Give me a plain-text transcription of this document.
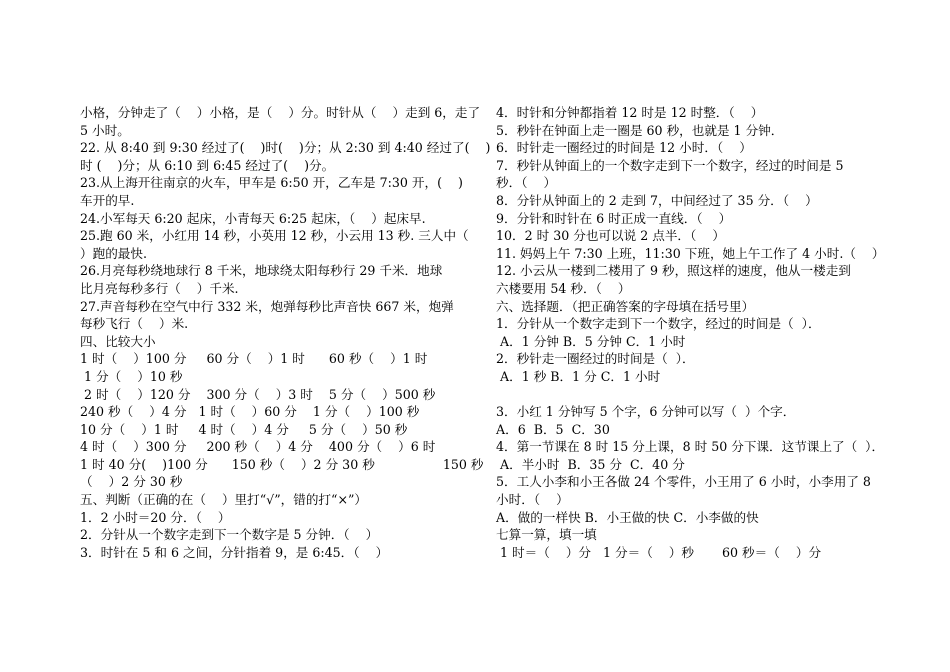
小格，分钟走了（    ）小格，是（    ）分。时针从（    ）走到 6，走了
5 小时。
22. 从 8:40 到 9:30 经过了(    )时(    )分；从 2:30 到 4:40 经过了(    )
时 (    )分；从 6:10 到 6:45 经过了(    )分。
23.从上海开往南京的火车，甲车是 6:50 开，乙车是 7:30 开，(    )
车开的早.
24.小军每天 6:20 起床，小青每天 6:25 起床，（    ）起床早.
25.跑 60 米，小红用 14 秒，小英用 12 秒，小云用 13 秒. 三人中（
）跑的最快.
26.月亮每秒绕地球行 8 千米，地球绕太阳每秒行 29 千米．地球
比月亮每秒多行（    ）千米.
27.声音每秒在空气中行 332 米，炮弹每秒比声音快 667 米，炮弹
每秒飞行（    ）米.
四、比较大小
1 时（    ）100 分     60 分（    ）1 时      60 秒（    ）1 时
1 分（    ）10 秒
2 时（    ）120 分    300 分（    ）3 时    5 分（    ）500 秒
240 秒（    ）4 分   1 时（    ）60 分    1 分（    ）100 秒
10 分（    ）1 时     4 时（    ）4 分     5 分（    ）50 秒
4 时（    ）300 分     200 秒（    ）4 分    400 分（    ）6 时
1 时 40 分(    )100 分      150 秒（    ）2 分 30 秒                 150 秒
（    ）2 分 30 秒
五、判断（正确的在（    ）里打“√”，错的打“×”）
1．2 小时＝20 分．（    ）
2．分针从一个数字走到下一个数字是 5 分钟．（    ）
3．时针在 5 和 6 之间，分针指着 9，是 6:45．（    ）
4．时针和分钟都指着 12 时是 12 时整．（    ）
5．秒针在钟面上走一圈是 60 秒，也就是 1 分钟．
6．时针走一圈经过的时间是 12 小时．（    ）
7．秒针从钟面上的一个数字走到下一个数字，经过的时间是 5
秒．（    ）
8．分针从钟面上的 2 走到 7，中间经过了 35 分．（    ）
9．分针和时针在 6 时正成一直线．（    ）
10．2 时 30 分也可以说 2 点半．（    ）
11. 妈妈上午 7:30 上班，11:30 下班，她上午工作了 4 小时.（    ）
12. 小云从一楼到二楼用了 9 秒，照这样的速度，他从一楼走到
六楼要用 54 秒．（    ）
六、选择题．（把正确答案的字母填在括号里）
1．分针从一个数字走到下一个数字，经过的时间是（  ）．
A．1 分钟 B．5 分钟 C．1 小时
2．秒针走一圈经过的时间是（  ）．
A．1 秒 B．1 分 C．1 小时
3．小红 1 分钟写 5 个字，6 分钟可以写（  ）个字．
A．6  B．5  C．30
4．第一节课在 8 时 15 分上课，8 时 50 分下课．这节课上了（  ）．
A．半小时  B．35 分  C．40 分
5．工人小李和小王各做 24 个零件，小王用了 6 小时，小李用了 8
小时．（    ）
A．做的一样快 B．小王做的快 C．小李做的快
七算一算，填一填
1 时＝（    ）分   1 分＝（    ）秒       60 秒＝（    ）分
